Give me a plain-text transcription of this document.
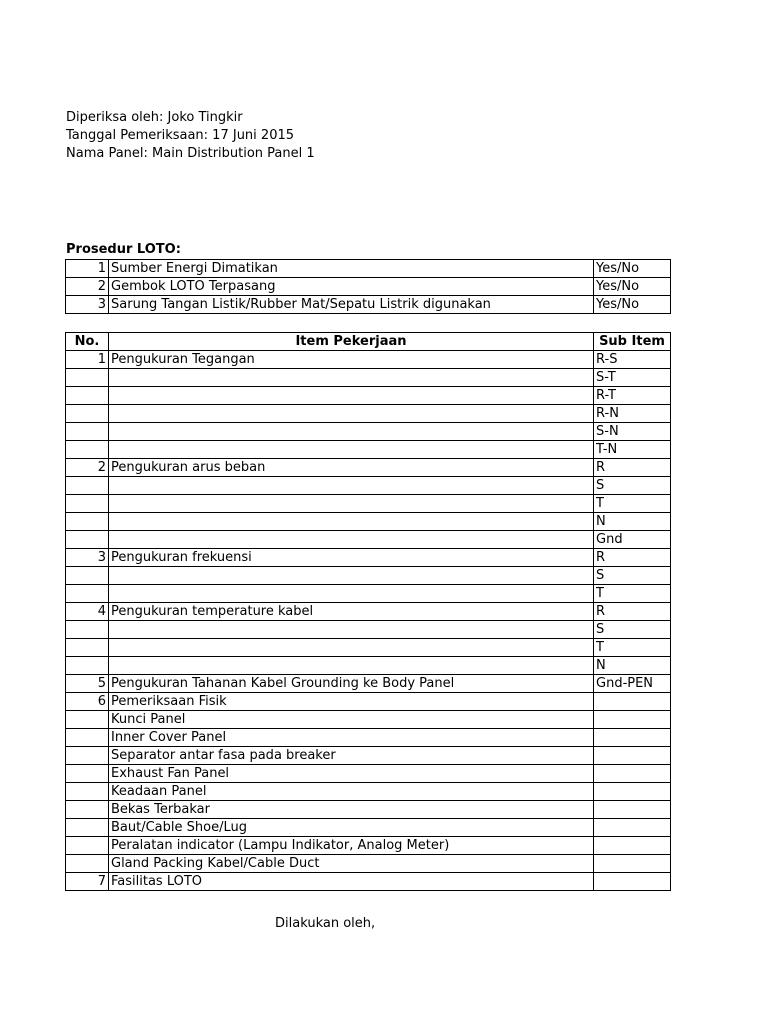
Diperiksa oleh: Joko Tingkir
Tanggal Pemeriksaan: 17 Juni 2015
Nama Panel: Main Distribution Panel 1
Prosedur LOTO:
1	Sumber Energi Dimatikan	Yes/No
2	Gembok LOTO Terpasang	Yes/No
3	Sarung Tangan Listik/Rubber Mat/Sepatu Listrik digunakan	Yes/No
No.	Item Pekerjaan	Sub Item
1	Pengukuran Tegangan	R-S
		S-T
		R-T
		R-N
		S-N
		T-N
2	Pengukuran arus beban	R
		S
		T
		N
		Gnd
3	Pengukuran frekuensi	R
		S
		T
4	Pengukuran temperature kabel	R
		S
		T
		N
5	Pengukuran Tahanan Kabel Grounding ke Body Panel	Gnd-PEN
6	Pemeriksaan Fisik	
	Kunci Panel	
	Inner Cover Panel	
	Separator antar fasa pada breaker	
	Exhaust Fan Panel	
	Keadaan Panel	
	Bekas Terbakar	
	Baut/Cable Shoe/Lug	
	Peralatan indicator (Lampu Indikator, Analog Meter)	
	Gland Packing Kabel/Cable Duct	
7	Fasilitas LOTO	
Dilakukan oleh,
